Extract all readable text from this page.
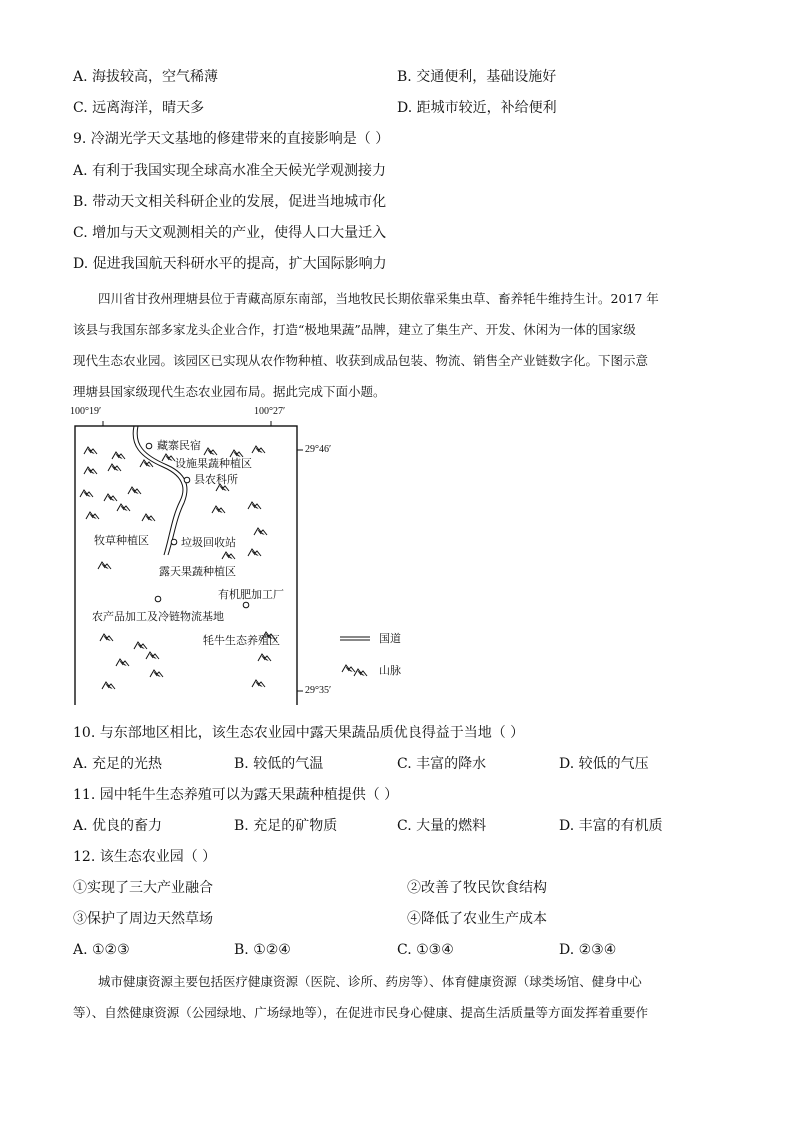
A. 海拔较高，空气稀薄	B. 交通便利，基础设施好
C. 远离海洋，晴天多	D. 距城市较近，补给便利
9. 冷湖光学天文基地的修建带来的直接影响是（ ）
A. 有利于我国实现全球高水准全天候光学观测接力
B. 带动天文相关科研企业的发展，促进当地城市化
C. 增加与天文观测相关的产业，使得人口大量迁入
D. 促进我国航天科研水平的提高，扩大国际影响力
四川省甘孜州理塘县位于青藏高原东南部，当地牧民长期依靠采集虫草、畜养牦牛维持生计。2017 年
该县与我国东部多家龙头企业合作，打造“极地果蔬”品牌，建立了集生产、开发、休闲为一体的国家级
现代生态农业园。该园区已实现从农作物种植、收获到成品包装、物流、销售全产业链数字化。下图示意
理塘县国家级现代生态农业园布局。据此完成下面小题。
100°19′	100°27′
29°46′
29°35′
藏寨民宿
设施果蔬种植区
县农科所
牧草种植区	垃圾回收站
露天果蔬种植区
有机肥加工厂
农产品加工及冷链物流基地
牦牛生态养殖区	国道
山脉
10. 与东部地区相比，该生态农业园中露天果蔬品质优良得益于当地（ ）
A. 充足的光热	B. 较低的气温	C. 丰富的降水	D. 较低的气压
11. 园中牦牛生态养殖可以为露天果蔬种植提供（ ）
A. 优良的畜力	B. 充足的矿物质	C. 大量的燃料	D. 丰富的有机质
12. 该生态农业园（ ）
①实现了三大产业融合	②改善了牧民饮食结构
③保护了周边天然草场	④降低了农业生产成本
A. ①②③	B. ①②④	C. ①③④	D. ②③④
城市健康资源主要包括医疗健康资源（医院、诊所、药房等）、体育健康资源（球类场馆、健身中心
等）、自然健康资源（公园绿地、广场绿地等），在促进市民身心健康、提高生活质量等方面发挥着重要作
